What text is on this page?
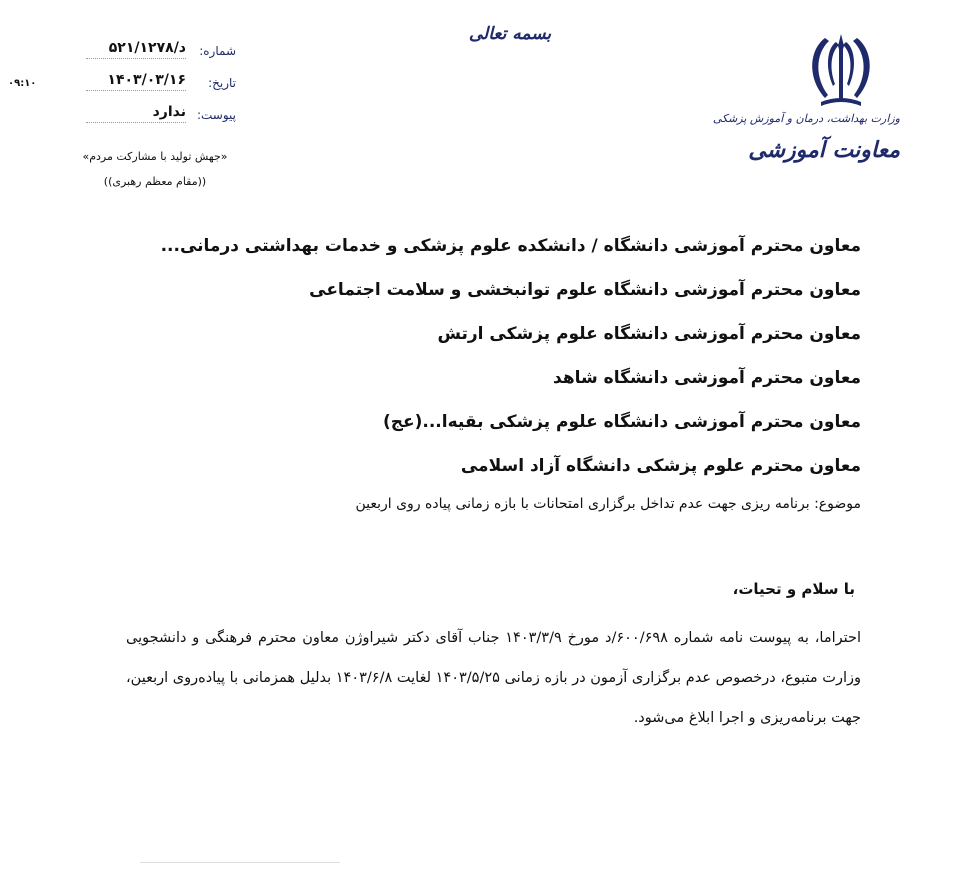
وزارت بهداشت، درمان و آموزش پزشکی
معاونت آموزشی
بسمه تعالی
شماره:
د/۵۲۱/۱۲۷۸
تاریخ:
۱۴۰۳/۰۳/۱۶
پیوست:
ندارد
۰۹:۱۰
«جهش تولید با مشارکت مردم»
((مقام معظم رهبری))
معاون محترم آموزشی دانشگاه / دانشکده علوم پزشکی و خدمات بهداشتی درمانی...
معاون محترم آموزشی دانشگاه علوم توانبخشی و سلامت اجتماعی
معاون محترم آموزشی دانشگاه علوم پزشکی ارتش
معاون محترم آموزشی دانشگاه شاهد
معاون محترم آموزشی دانشگاه علوم پزشکی بقیه‌ا...(عج)
معاون محترم علوم پزشکی دانشگاه آزاد اسلامی
موضوع: برنامه ریزی جهت عدم تداخل برگزاری امتحانات با بازه زمانی پیاده روی اربعین
با سلام و تحیات،
احتراما، به پیوست نامه شماره ۶۰۰/۶۹۸/د مورخ ۱۴۰۳/۳/۹ جناب آقای دکتر شیراوژن معاون محترم فرهنگی و دانشجویی وزارت متبوع، درخصوص عدم برگزاری آزمون در بازه زمانی ۱۴۰۳/۵/۲۵ لغایت ۱۴۰۳/۶/۸ بدلیل همزمانی با پیاده‌روی اربعین، جهت برنامه‌ریزی و اجرا ابلاغ می‌شود.
